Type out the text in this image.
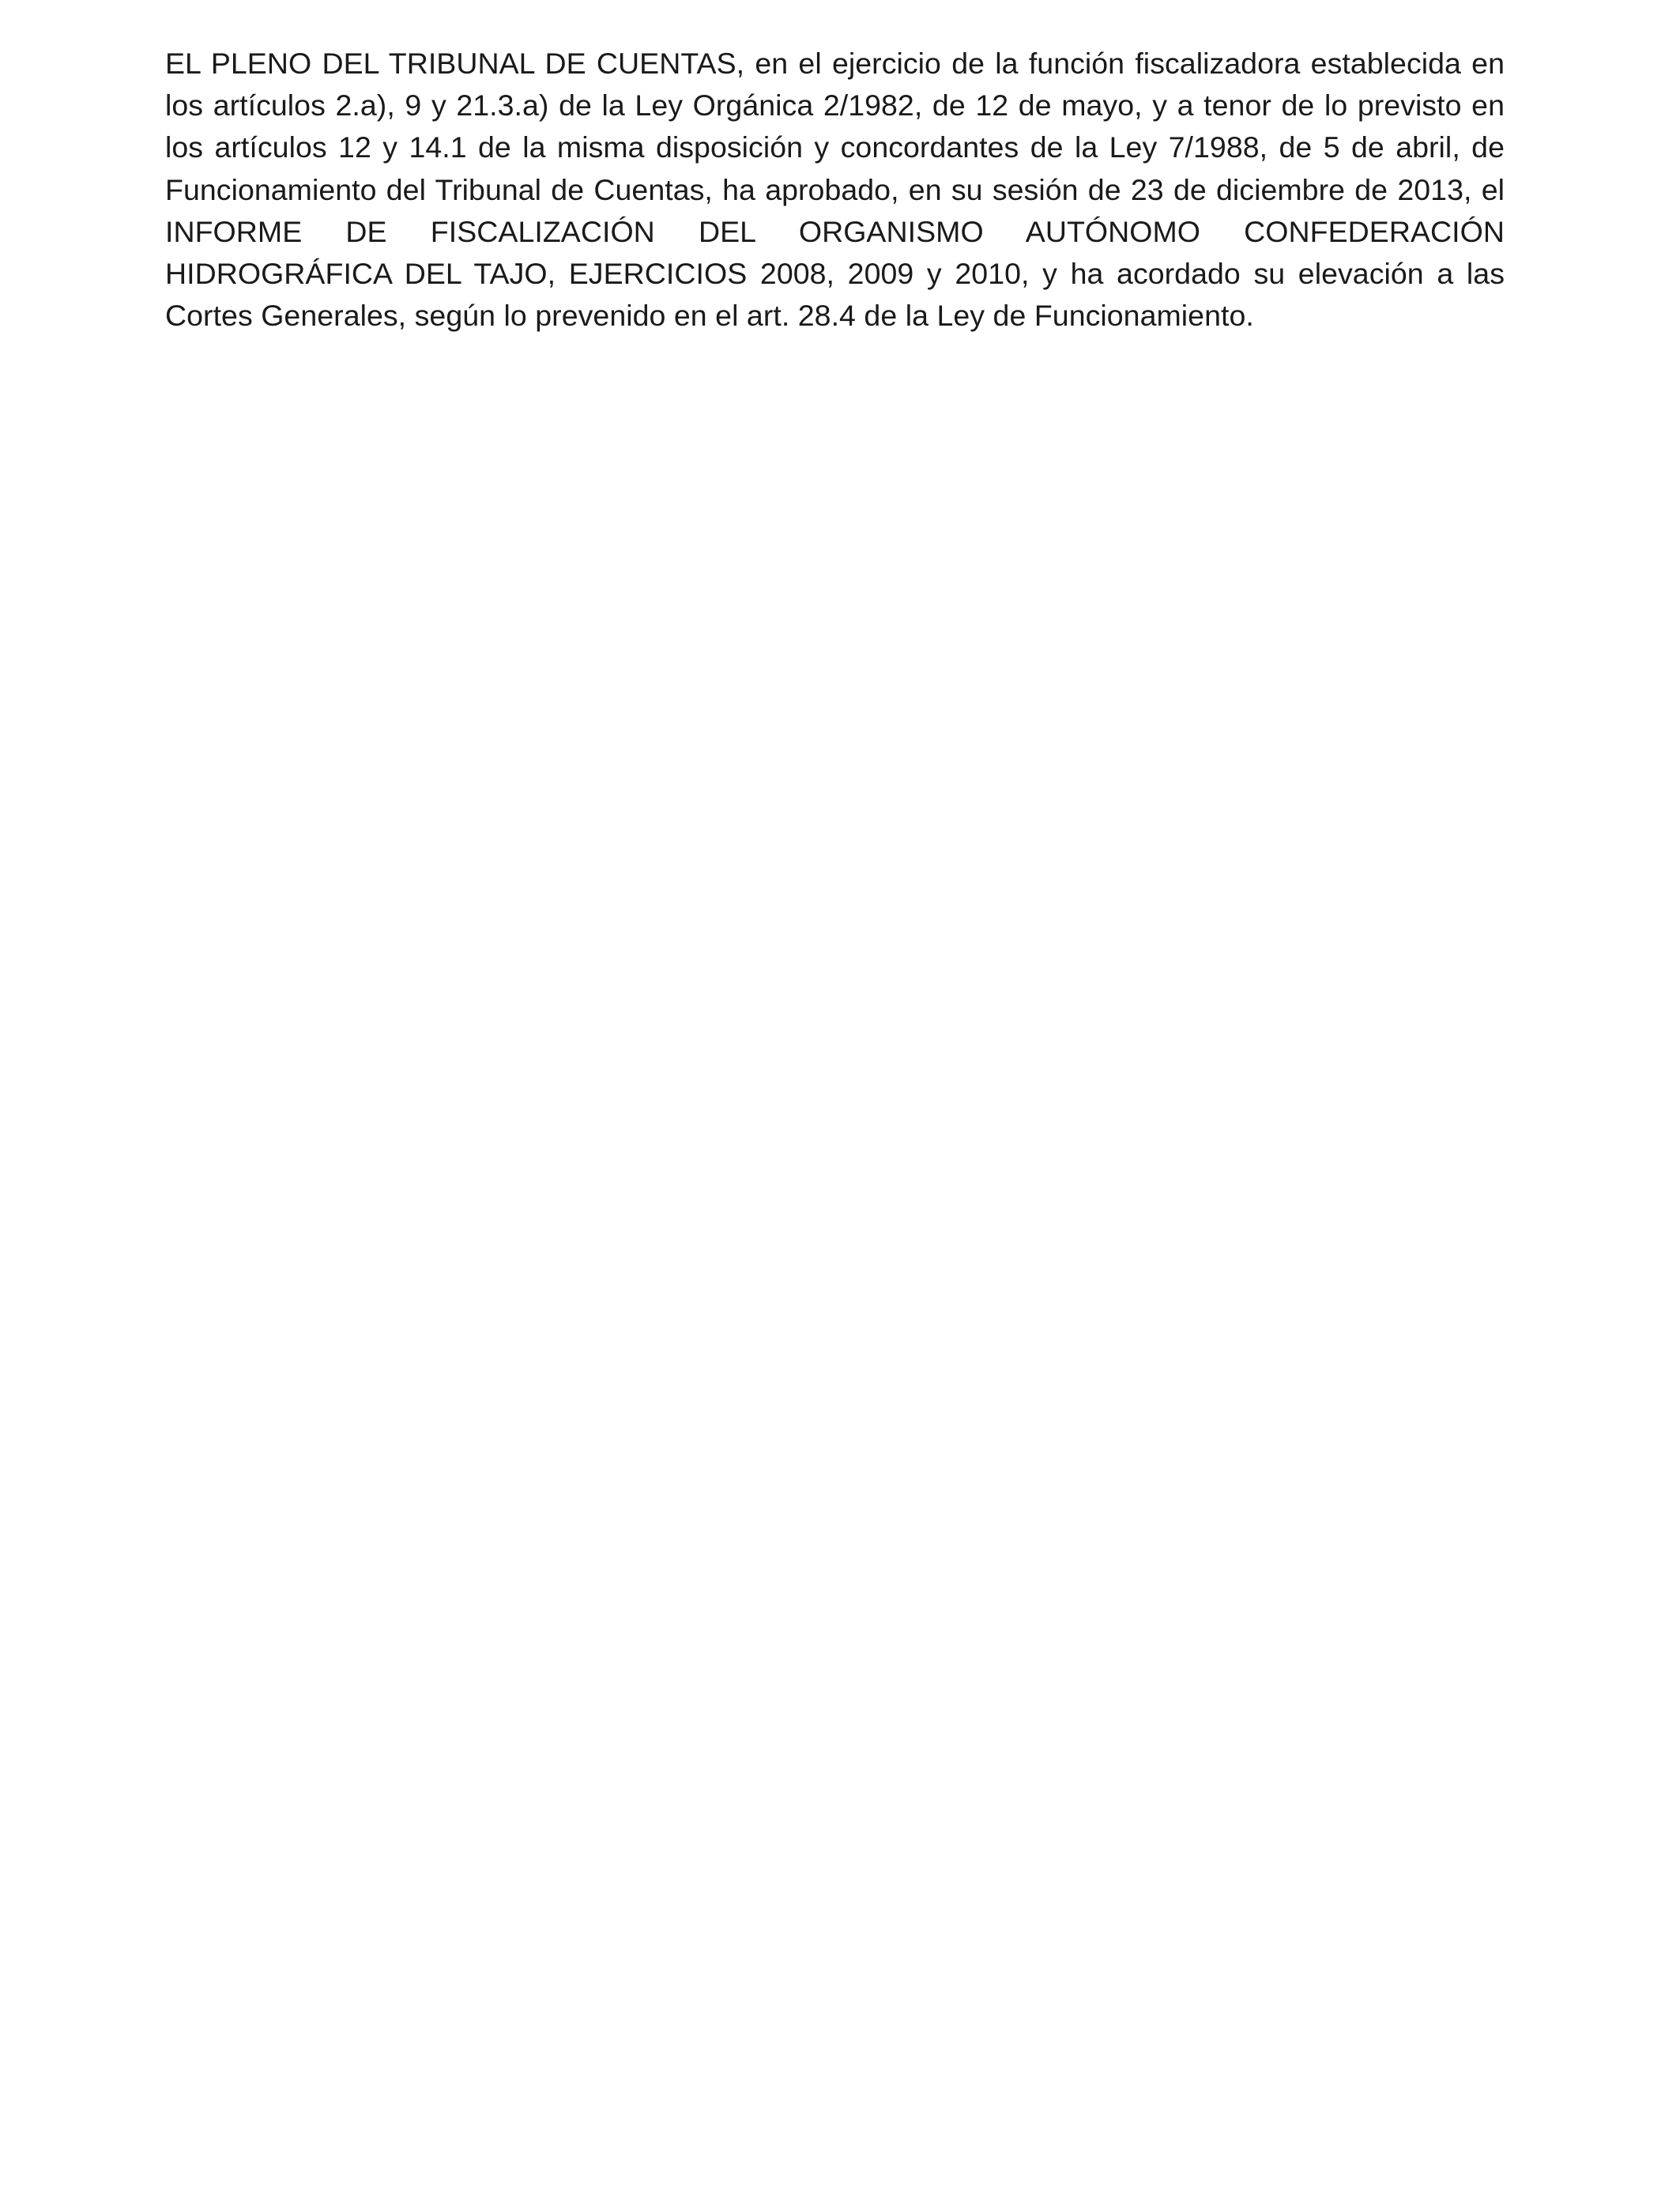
EL PLENO DEL TRIBUNAL DE CUENTAS, en el ejercicio de la función fiscalizadora establecida en los artículos 2.a), 9 y 21.3.a) de la Ley Orgánica 2/1982, de 12 de mayo, y a tenor de lo previsto en los artículos 12 y 14.1 de la misma disposición y concordantes de la Ley 7/1988, de 5 de abril, de Funcionamiento del Tribunal de Cuentas, ha aprobado, en su sesión de 23 de diciembre de 2013, el INFORME DE FISCALIZACIÓN DEL ORGANISMO AUTÓNOMO CONFEDERACIÓN HIDROGRÁFICA DEL TAJO, EJERCICIOS 2008, 2009 y 2010, y ha acordado su elevación a las Cortes Generales, según lo prevenido en el art. 28.4 de la Ley de Funcionamiento.
